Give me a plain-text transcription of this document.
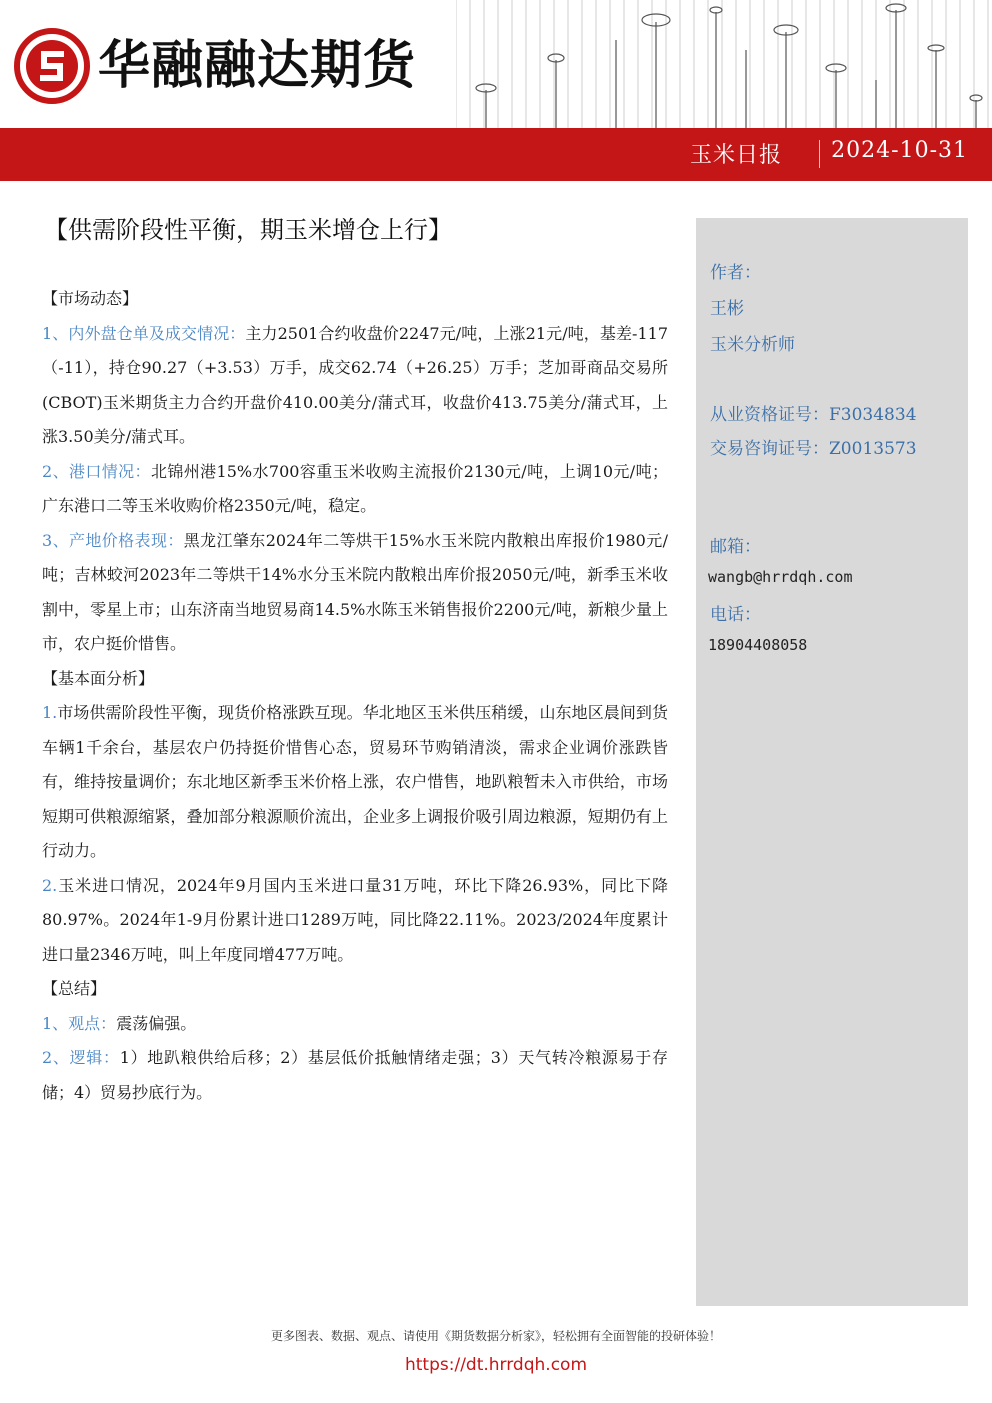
华融融达期货
玉米日报 2024-10-31
【供需阶段性平衡，期玉米增仓上行】

【市场动态】

1、内外盘仓单及成交情况：主力2501合约收盘价2247元/吨，上涨21元/吨，基差-117（-11），持仓90.27（+3.53）万手，成交62.74（+26.25）万手；芝加哥商品交易所(CBOT)玉米期货主力合约开盘价410.00美分/蒲式耳，收盘价413.75美分/蒲式耳，上涨3.50美分/蒲式耳。

2、港口情况：北锦州港15%水700容重玉米收购主流报价2130元/吨，上调10元/吨；广东港口二等玉米收购价格2350元/吨，稳定。

3、产地价格表现：黑龙江肇东2024年二等烘干15%水玉米院内散粮出库报价1980元/吨；吉林蛟河2023年二等烘干14%水分玉米院内散粮出库价报2050元/吨，新季玉米收割中，零星上市；山东济南当地贸易商14.5%水陈玉米销售报价2200元/吨，新粮少量上市，农户挺价惜售。

【基本面分析】

1.市场供需阶段性平衡，现货价格涨跌互现。华北地区玉米供压稍缓，山东地区晨间到货车辆1千余台，基层农户仍持挺价惜售心态，贸易环节购销清淡，需求企业调价涨跌皆有，维持按量调价；东北地区新季玉米价格上涨，农户惜售，地趴粮暂未入市供给，市场短期可供粮源缩紧，叠加部分粮源顺价流出，企业多上调报价吸引周边粮源，短期仍有上行动力。

2.玉米进口情况，2024年9月国内玉米进口量31万吨，环比下降26.93%，同比下降80.97%。2024年1-9月份累计进口1289万吨，同比降22.11%。2023/2024年度累计进口量2346万吨，叫上年度同增477万吨。

【总结】

1、观点：震荡偏强。

2、逻辑：1）地趴粮供给后移；2）基层低价抵触情绪走强；3）天气转冷粮源易于存储；4）贸易抄底行为。

作者：
王彬
玉米分析师
从业资格证号：F3034834
交易咨询证号：Z0013573
邮箱：
wangb@hrrdqh.com
电话：
18904408058
更多图表、数据、观点、请使用《期货数据分析家》，轻松拥有全面智能的投研体验！
https://dt.hrrdqh.com
